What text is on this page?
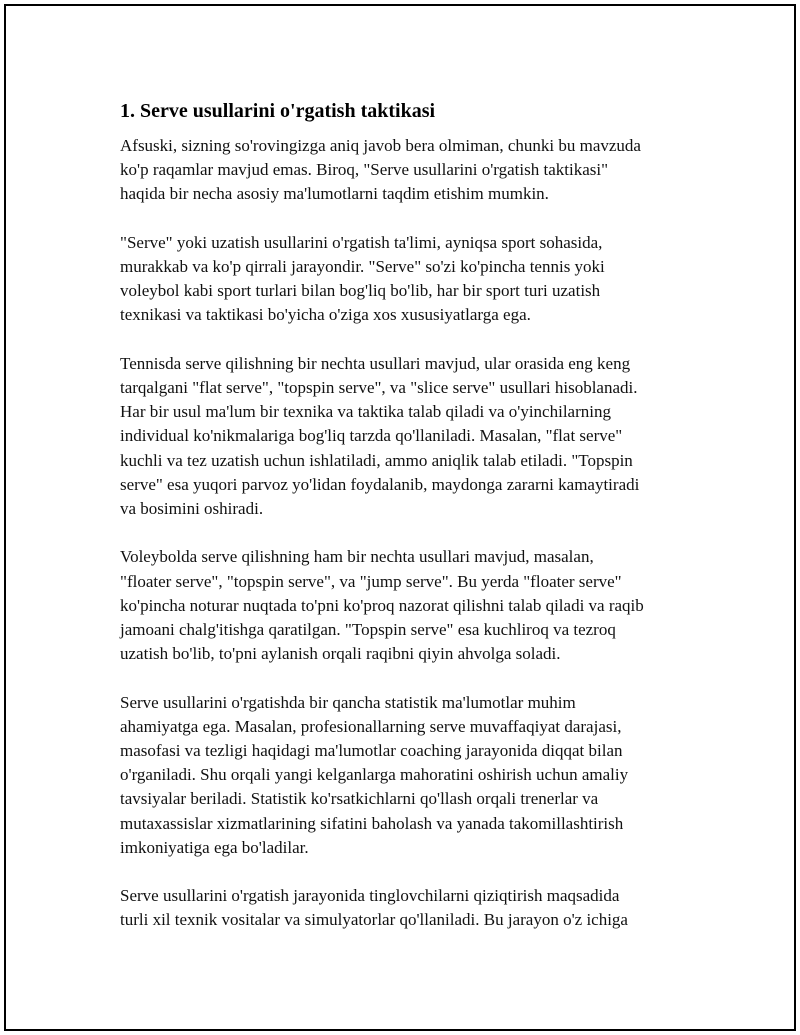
1. Serve usullarini o'rgatish taktikasi

Afsuski, sizning so'rovingizga aniq javob bera olmiman, chunki bu mavzuda
ko'p raqamlar mavjud emas. Biroq, "Serve usullarini o'rgatish taktikasi"
haqida bir necha asosiy ma'lumotlarni taqdim etishim mumkin.

"Serve" yoki uzatish usullarini o'rgatish ta'limi, ayniqsa sport sohasida,
murakkab va ko'p qirrali jarayondir. "Serve" so'zi ko'pincha tennis yoki
voleybol kabi sport turlari bilan bog'liq bo'lib, har bir sport turi uzatish
texnikasi va taktikasi bo'yicha o'ziga xos xususiyatlarga ega.

Tennisda serve qilishning bir nechta usullari mavjud, ular orasida eng keng
tarqalgani "flat serve", "topspin serve", va "slice serve" usullari hisoblanadi.
Har bir usul ma'lum bir texnika va taktika talab qiladi va o'yinchilarning
individual ko'nikmalariga bog'liq tarzda qo'llaniladi. Masalan, "flat serve"
kuchli va tez uzatish uchun ishlatiladi, ammo aniqlik talab etiladi. "Topspin
serve" esa yuqori parvoz yo'lidan foydalanib, maydonga zararni kamaytiradi
va bosimini oshiradi.

Voleybolda serve qilishning ham bir nechta usullari mavjud, masalan,
"floater serve", "topspin serve", va "jump serve". Bu yerda "floater serve"
ko'pincha noturar nuqtada to'pni ko'proq nazorat qilishni talab qiladi va raqib
jamoani chalg'itishga qaratilgan. "Topspin serve" esa kuchliroq va tezroq
uzatish bo'lib, to'pni aylanish orqali raqibni qiyin ahvolga soladi.

Serve usullarini o'rgatishda bir qancha statistik ma'lumotlar muhim
ahamiyatga ega. Masalan, profesionallarning serve muvaffaqiyat darajasi,
masofasi va tezligi haqidagi ma'lumotlar coaching jarayonida diqqat bilan
o'rganiladi. Shu orqali yangi kelganlarga mahoratini oshirish uchun amaliy
tavsiyalar beriladi. Statistik ko'rsatkichlarni qo'llash orqali trenerlar va
mutaxassislar xizmatlarining sifatini baholash va yanada takomillashtirish
imkoniyatiga ega bo'ladilar.

Serve usullarini o'rgatish jarayonida tinglovchilarni qiziqtirish maqsadida
turli xil texnik vositalar va simulyatorlar qo'llaniladi. Bu jarayon o'z ichiga
